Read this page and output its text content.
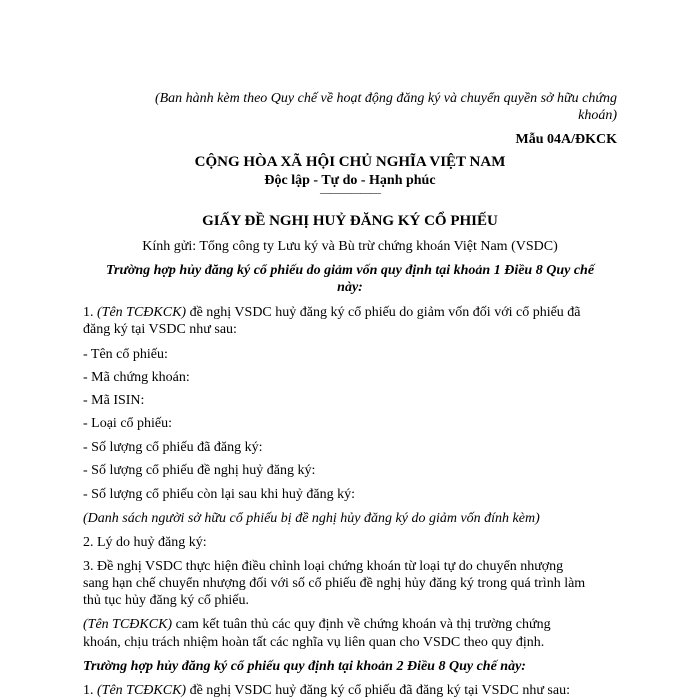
(Ban hành kèm theo Quy chế về hoạt động đăng ký và chuyển quyền sở hữu chứng
khoán)
Mẫu 04A/ĐKCK
CỘNG HÒA XÃ HỘI CHỦ NGHĨA VIỆT NAM
Độc lập - Tự do - Hạnh phúc
——————
GIẤY ĐỀ NGHỊ HUỶ ĐĂNG KÝ CỔ PHIẾU
Kính gửi: Tổng công ty Lưu ký và Bù trừ chứng khoán Việt Nam (VSDC)
Trường hợp hủy đăng ký cổ phiếu do giảm vốn quy định tại khoản 1 Điều 8 Quy chế
này:
1. (Tên TCĐKCK) đề nghị VSDC huỷ đăng ký cổ phiếu do giảm vốn đối với cổ phiếu đã
đăng ký tại VSDC như sau:
- Tên cổ phiếu:
- Mã chứng khoán:
- Mã ISIN:
- Loại cổ phiếu:
- Số lượng cổ phiếu đã đăng ký:
- Số lượng cổ phiếu đề nghị huỷ đăng ký:
- Số lượng cổ phiếu còn lại sau khi huỷ đăng ký:
(Danh sách người sở hữu cổ phiếu bị đề nghị hủy đăng ký do giảm vốn đính kèm)
2. Lý do huỷ đăng ký:
3. Đề nghị VSDC thực hiện điều chỉnh loại chứng khoán từ loại tự do chuyển nhượng
sang hạn chế chuyển nhượng đối với số cổ phiếu đề nghị hủy đăng ký trong quá trình làm
thủ tục hủy đăng ký cổ phiếu.
(Tên TCĐKCK) cam kết tuân thủ các quy định về chứng khoán và thị trường chứng
khoán, chịu trách nhiệm hoàn tất các nghĩa vụ liên quan cho VSDC theo quy định.
Trường hợp hủy đăng ký cổ phiếu quy định tại khoản 2 Điều 8 Quy chế này:
1. (Tên TCĐKCK) đề nghị VSDC huỷ đăng ký cổ phiếu đã đăng ký tại VSDC như sau:
